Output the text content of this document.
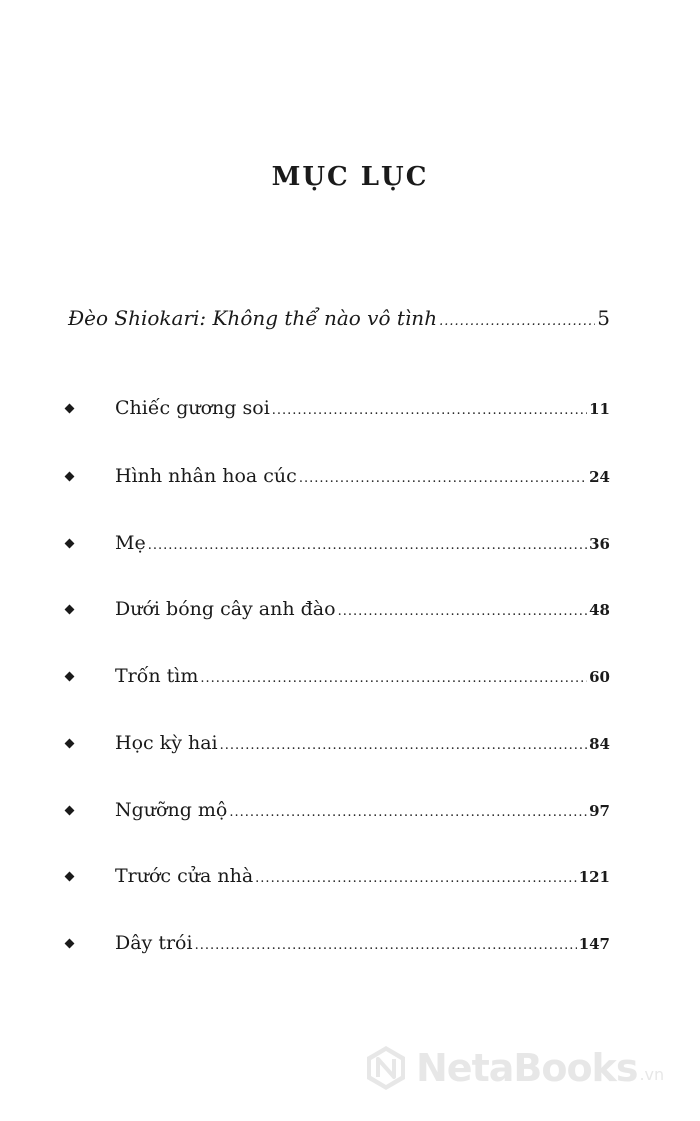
MỤC LỤC
Đèo Shiokari: Không thể nào vô tình .....	5
Chiếc gương soi .....	11
Hình nhân hoa cúc .....	24
Mẹ .....	36
Dưới bóng cây anh đào .....	48
Trốn tìm .....	60
Học kỳ hai .....	84
Ngưỡng mộ .....	97
Trước cửa nhà .....	121
Dây trói .....	147
NetaBooks .vn
